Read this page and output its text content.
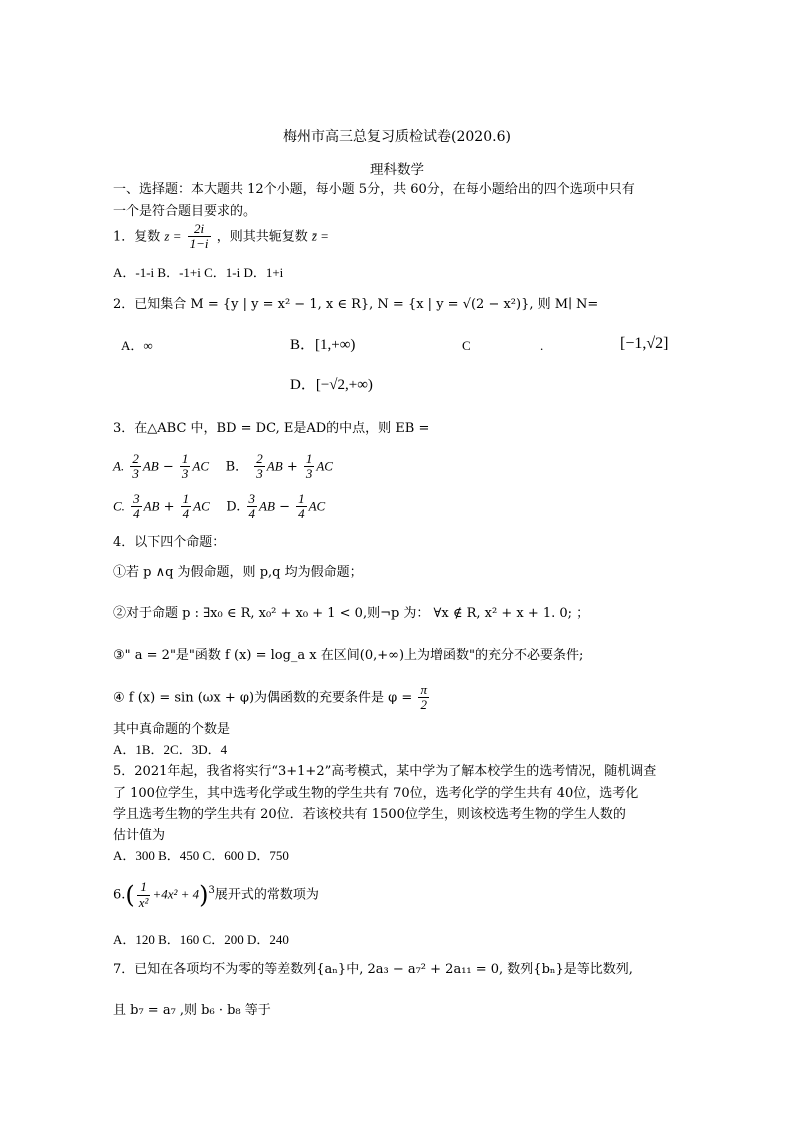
梅州市高三总复习质检试卷(2020.6)
理科数学
一、选择题：本大题共 12个小题，每小题 5分，共 60分，在每小题给出的四个选项中只有
一个是符合题目要求的。
1．复数 $z = \frac{2i}{1-i}$ ，则其共轭复数 z̄ =
A．-1-i B．-1+i C．1-i D．1+i
2．已知集合 M = {y | y = x² − 1, x ∈ R}, N = {x | y = √(2 − x²)}, 则 M∣ N=
A．∞	B．[1,+∞)	C	.	[−1,√2]
D．[−√2,+∞)
3．在△ABC 中，BD = DC, E是AD的中点，则 EB =
A. $\frac{2}{3}$ AB − $\frac{1}{3}$ AC B． $\frac{2}{3}$ AB + $\frac{1}{3}$ AC
C. $\frac{3}{4}$ AB + $\frac{1}{4}$ AC D. $\frac{3}{4}$ AB − $\frac{1}{4}$ AC
4．以下四个命题：
①若 p ∧q 为假命题，则 p,q 均为假命题；
②对于命题 p : ∃x₀ ∈ R, x₀² + x₀ + 1 < 0,则¬p 为： ∀x ∉ R, x² + x + 1. 0; ；
③" a = 2"是"函数 f (x) = log_a x 在区间(0,+∞)上为增函数"的充分不必要条件;
④ f (x) = sin (ωx + φ)为偶函数的充要条件是 $\varphi = \frac{\pi}{2}$
其中真命题的个数是
A．1B．2C．3D．4
5．2021年起，我省将实行“3+1+2”高考模式，某中学为了解本校学生的选考情况，随机调查
了 100位学生，其中选考化学或生物的学生共有 70位，选考化学的学生共有 40位，选考化
学且选考生物的学生共有 20位．若该校共有 1500位学生，则该校选考生物的学生人数的
估计值为
A．300 B．450 C．600 D．750
$6.( \frac{1}{\text{x²}} +4x^2 + 4)^3$展开式的常数项为
A．120 B．160 C．200 D．240
7．已知在各项均不为零的等差数列{aₙ}中, 2a₃ − a₇² + 2a₁₁ = 0, 数列{bₙ}是等比数列,
且 b₇ = a₇ ,则 b₆ · b₈ 等于
